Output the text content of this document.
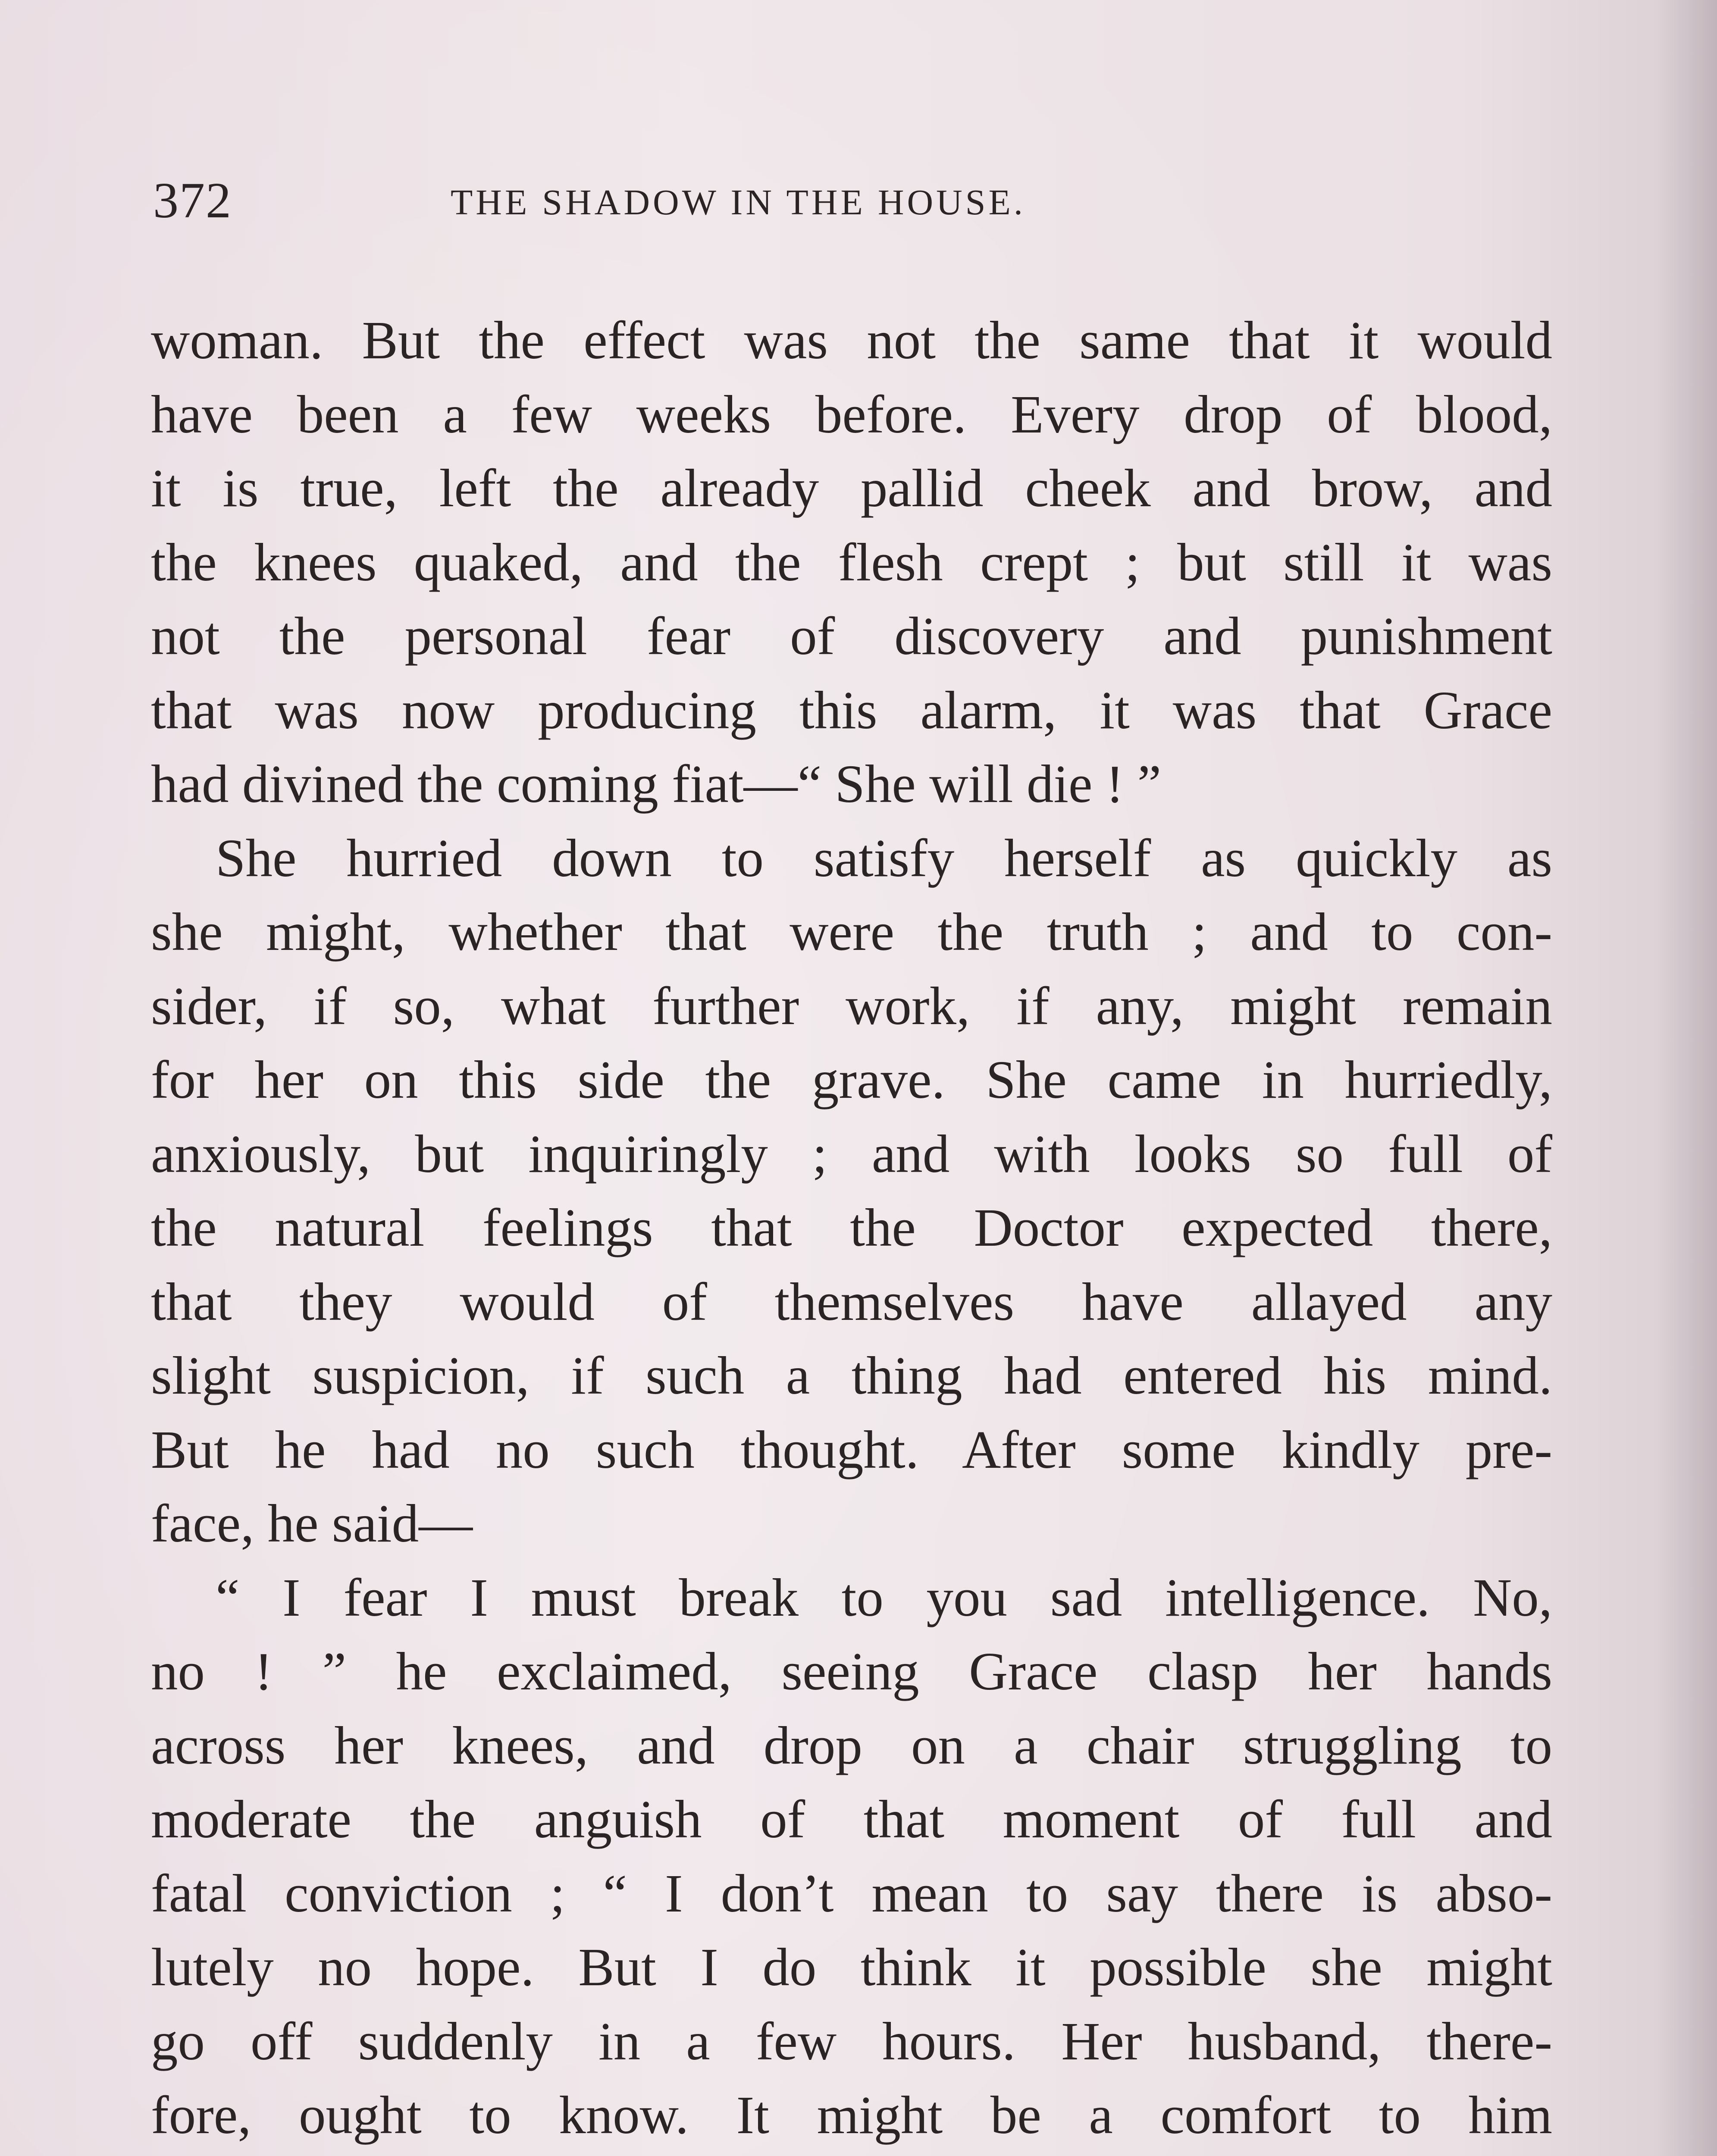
372	THE SHADOW IN THE HOUSE.
woman. But the effect was not the same that it would
have been a few weeks before. Every drop of blood,
it is true, left the already pallid cheek and brow, and
the knees quaked, and the flesh crept ; but still it was
not the personal fear of discovery and punishment
that was now producing this alarm, it was that Grace
had divined the coming fiat—“ She will die ! ”
She hurried down to satisfy herself as quickly as
she might, whether that were the truth ; and to con-
sider, if so, what further work, if any, might remain
for her on this side the grave. She came in hurriedly,
anxiously, but inquiringly ; and with looks so full of
the natural feelings that the Doctor expected there,
that they would of themselves have allayed any
slight suspicion, if such a thing had entered his mind.
But he had no such thought. After some kindly pre-
face, he said—
“ I fear I must break to you sad intelligence. No,
no ! ” he exclaimed, seeing Grace clasp her hands
across her knees, and drop on a chair struggling to
moderate the anguish of that moment of full and
fatal conviction ; “ I don’t mean to say there is abso-
lutely no hope. But I do think it possible she might
go off suddenly in a few hours. Her husband, there-
fore, ought to know. It might be a comfort to him
